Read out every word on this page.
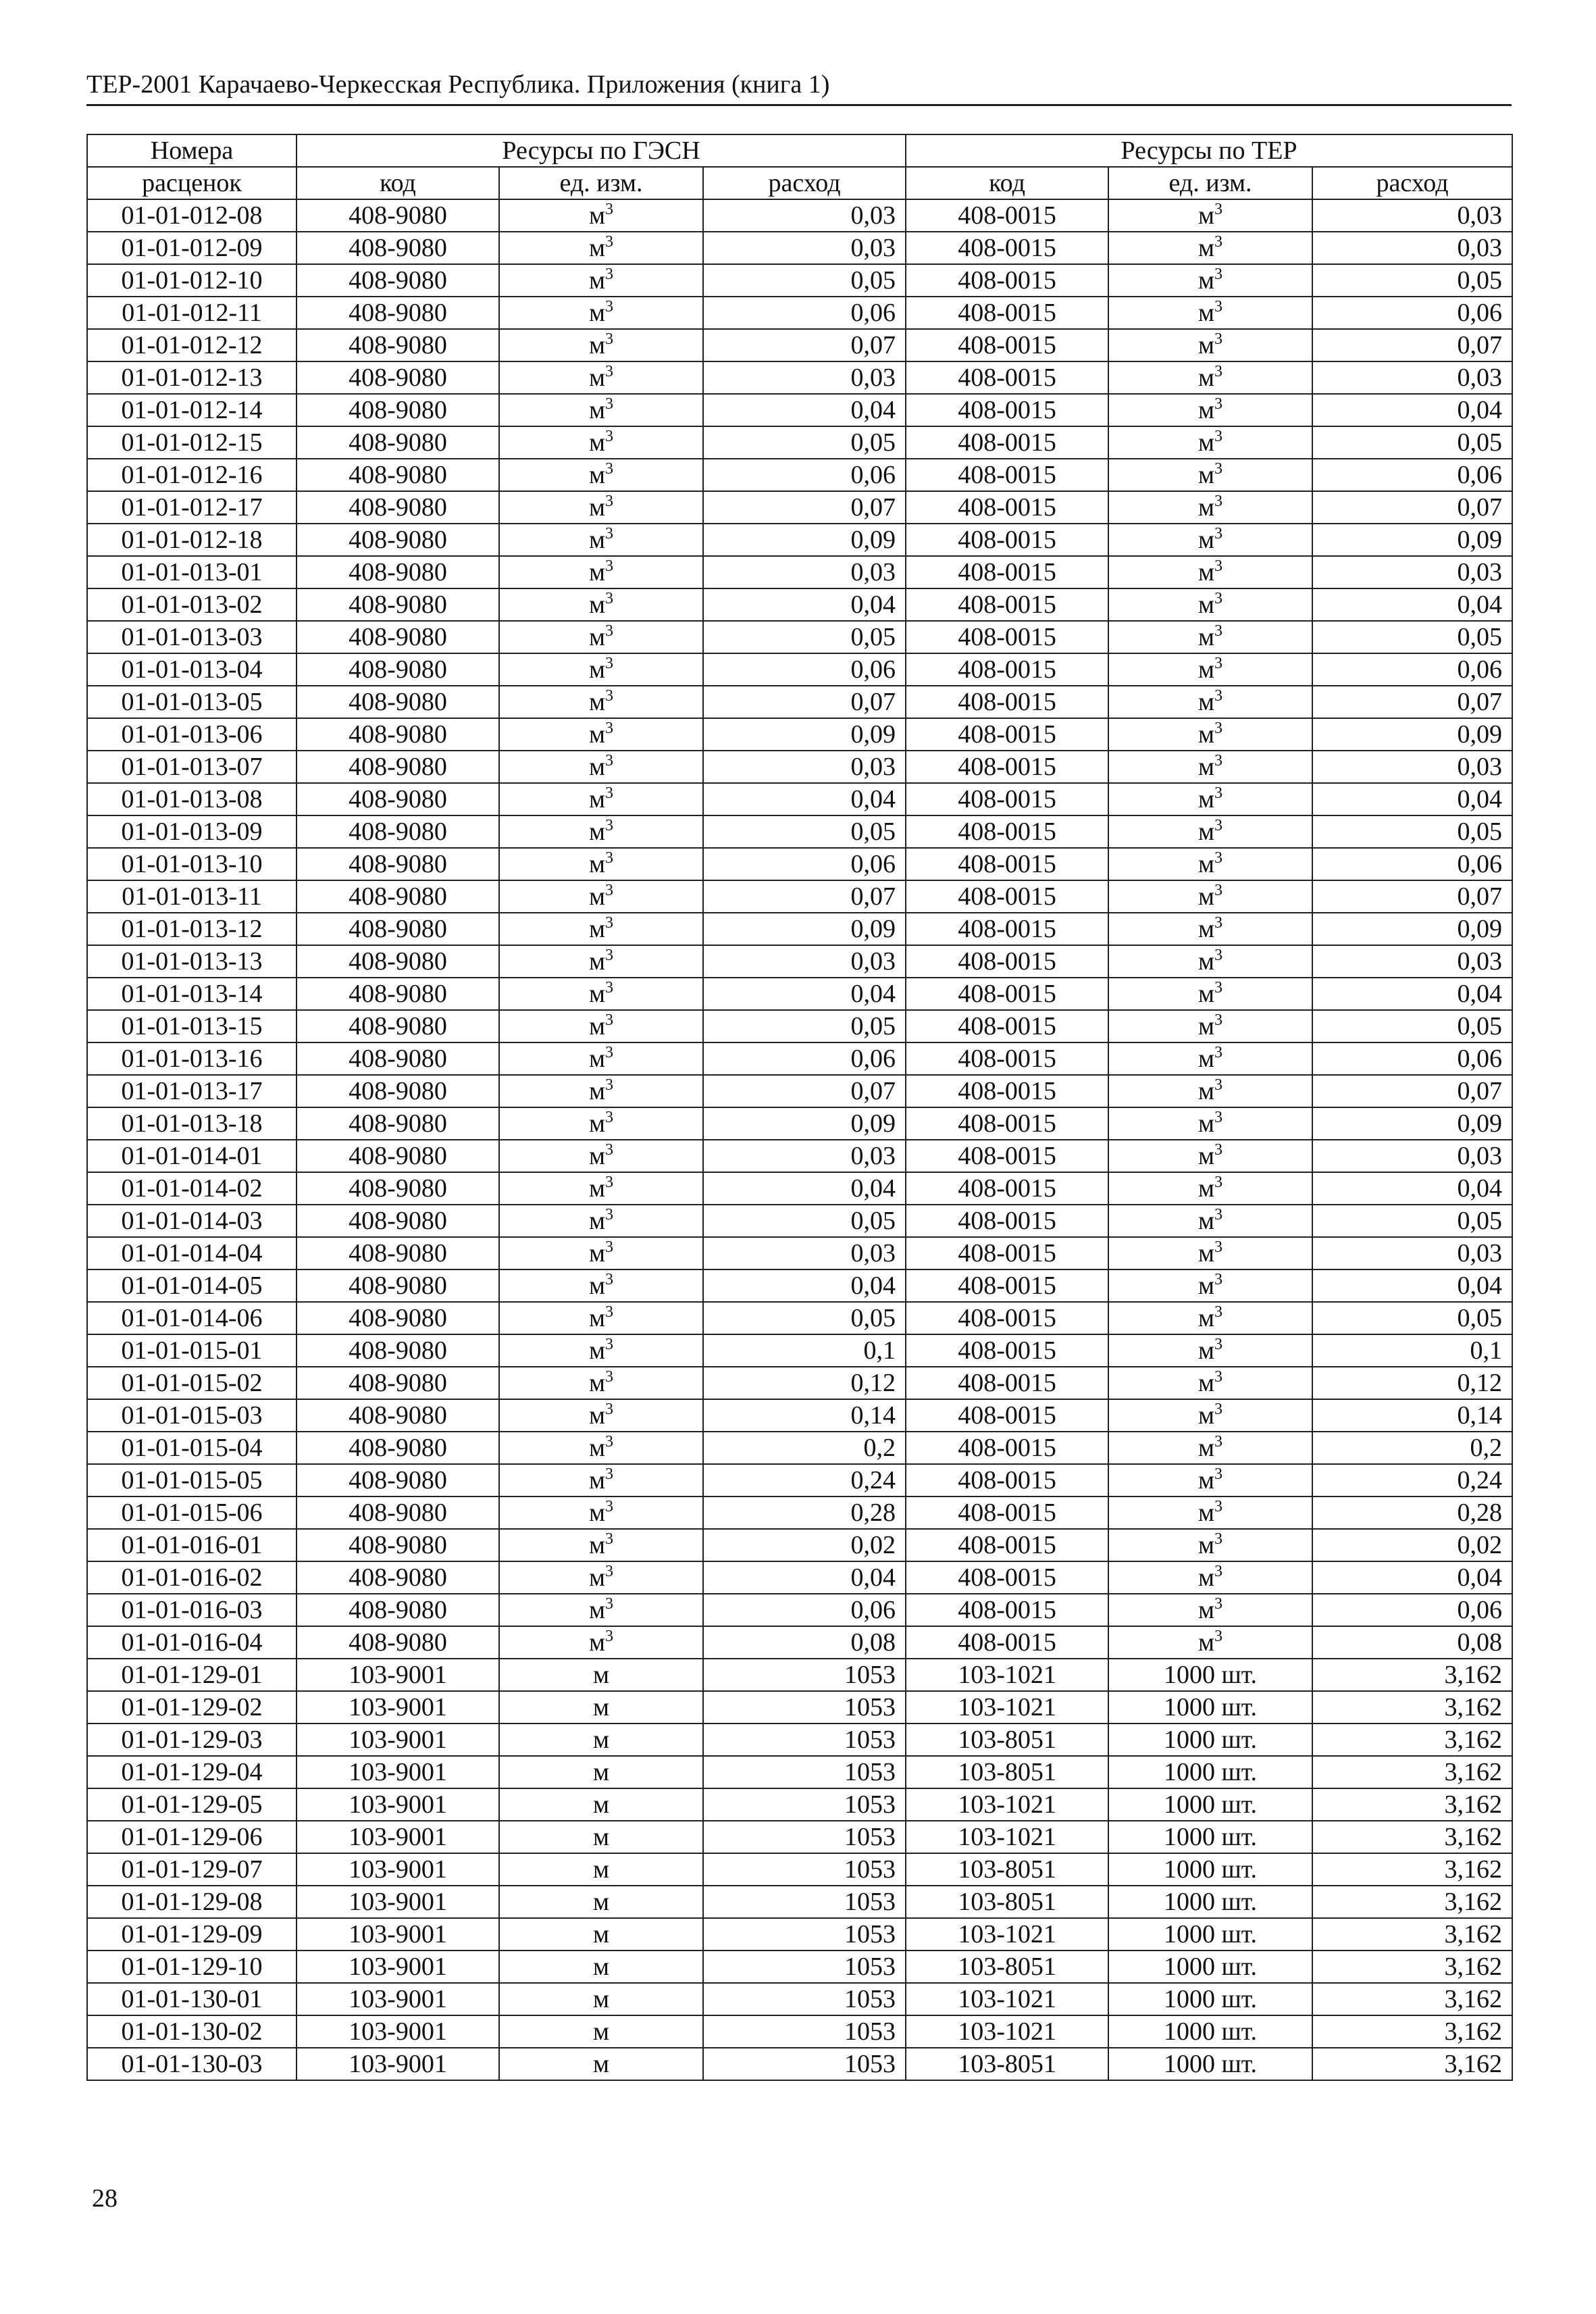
ТЕР-2001 Карачаево-Черкесская Республика. Приложения (книга 1)
Номера	Ресурсы по ГЭСН			Ресурсы по ТЕР		
расценок	код	ед. изм.	расход	код	ед. изм.	расход
01-01-012-08	408-9080	$м^3$	0,03	408-0015	$м^3$	0,03
01-01-012-09	408-9080	$м^3$	0,03	408-0015	$м^3$	0,03
01-01-012-10	408-9080	$м^3$	0,05	408-0015	$м^3$	0,05
01-01-012-11	408-9080	$м^3$	0,06	408-0015	$м^3$	0,06
01-01-012-12	408-9080	$м^3$	0,07	408-0015	$м^3$	0,07
01-01-012-13	408-9080	$м^3$	0,03	408-0015	$м^3$	0,03
01-01-012-14	408-9080	$м^3$	0,04	408-0015	$м^3$	0,04
01-01-012-15	408-9080	$м^3$	0,05	408-0015	$м^3$	0,05
01-01-012-16	408-9080	$м^3$	0,06	408-0015	$м^3$	0,06
01-01-012-17	408-9080	$м^3$	0,07	408-0015	$м^3$	0,07
01-01-012-18	408-9080	$м^3$	0,09	408-0015	$м^3$	0,09
01-01-013-01	408-9080	$м^3$	0,03	408-0015	$м^3$	0,03
01-01-013-02	408-9080	$м^3$	0,04	408-0015	$м^3$	0,04
01-01-013-03	408-9080	$м^3$	0,05	408-0015	$м^3$	0,05
01-01-013-04	408-9080	$м^3$	0,06	408-0015	$м^3$	0,06
01-01-013-05	408-9080	$м^3$	0,07	408-0015	$м^3$	0,07
01-01-013-06	408-9080	$м^3$	0,09	408-0015	$м^3$	0,09
01-01-013-07	408-9080	$м^3$	0,03	408-0015	$м^3$	0,03
01-01-013-08	408-9080	$м^3$	0,04	408-0015	$м^3$	0,04
01-01-013-09	408-9080	$м^3$	0,05	408-0015	$м^3$	0,05
01-01-013-10	408-9080	$м^3$	0,06	408-0015	$м^3$	0,06
01-01-013-11	408-9080	$м^3$	0,07	408-0015	$м^3$	0,07
01-01-013-12	408-9080	$м^3$	0,09	408-0015	$м^3$	0,09
01-01-013-13	408-9080	$м^3$	0,03	408-0015	$м^3$	0,03
01-01-013-14	408-9080	$м^3$	0,04	408-0015	$м^3$	0,04
01-01-013-15	408-9080	$м^3$	0,05	408-0015	$м^3$	0,05
01-01-013-16	408-9080	$м^3$	0,06	408-0015	$м^3$	0,06
01-01-013-17	408-9080	$м^3$	0,07	408-0015	$м^3$	0,07
01-01-013-18	408-9080	$м^3$	0,09	408-0015	$м^3$	0,09
01-01-014-01	408-9080	$м^3$	0,03	408-0015	$м^3$	0,03
01-01-014-02	408-9080	$м^3$	0,04	408-0015	$м^3$	0,04
01-01-014-03	408-9080	$м^3$	0,05	408-0015	$м^3$	0,05
01-01-014-04	408-9080	$м^3$	0,03	408-0015	$м^3$	0,03
01-01-014-05	408-9080	$м^3$	0,04	408-0015	$м^3$	0,04
01-01-014-06	408-9080	$м^3$	0,05	408-0015	$м^3$	0,05
01-01-015-01	408-9080	$м^3$	0,1	408-0015	$м^3$	0,1
01-01-015-02	408-9080	$м^3$	0,12	408-0015	$м^3$	0,12
01-01-015-03	408-9080	$м^3$	0,14	408-0015	$м^3$	0,14
01-01-015-04	408-9080	$м^3$	0,2	408-0015	$м^3$	0,2
01-01-015-05	408-9080	$м^3$	0,24	408-0015	$м^3$	0,24
01-01-015-06	408-9080	$м^3$	0,28	408-0015	$м^3$	0,28
01-01-016-01	408-9080	$м^3$	0,02	408-0015	$м^3$	0,02
01-01-016-02	408-9080	$м^3$	0,04	408-0015	$м^3$	0,04
01-01-016-03	408-9080	$м^3$	0,06	408-0015	$м^3$	0,06
01-01-016-04	408-9080	$м^3$	0,08	408-0015	$м^3$	0,08
01-01-129-01	103-9001	м	1053	103-1021	1000 шт.	3,162
01-01-129-02	103-9001	м	1053	103-1021	1000 шт.	3,162
01-01-129-03	103-9001	м	1053	103-8051	1000 шт.	3,162
01-01-129-04	103-9001	м	1053	103-8051	1000 шт.	3,162
01-01-129-05	103-9001	м	1053	103-1021	1000 шт.	3,162
01-01-129-06	103-9001	м	1053	103-1021	1000 шт.	3,162
01-01-129-07	103-9001	м	1053	103-8051	1000 шт.	3,162
01-01-129-08	103-9001	м	1053	103-8051	1000 шт.	3,162
01-01-129-09	103-9001	м	1053	103-1021	1000 шт.	3,162
01-01-129-10	103-9001	м	1053	103-8051	1000 шт.	3,162
01-01-130-01	103-9001	м	1053	103-1021	1000 шт.	3,162
01-01-130-02	103-9001	м	1053	103-1021	1000 шт.	3,162
01-01-130-03	103-9001	м	1053	103-8051	1000 шт.	3,162
28
